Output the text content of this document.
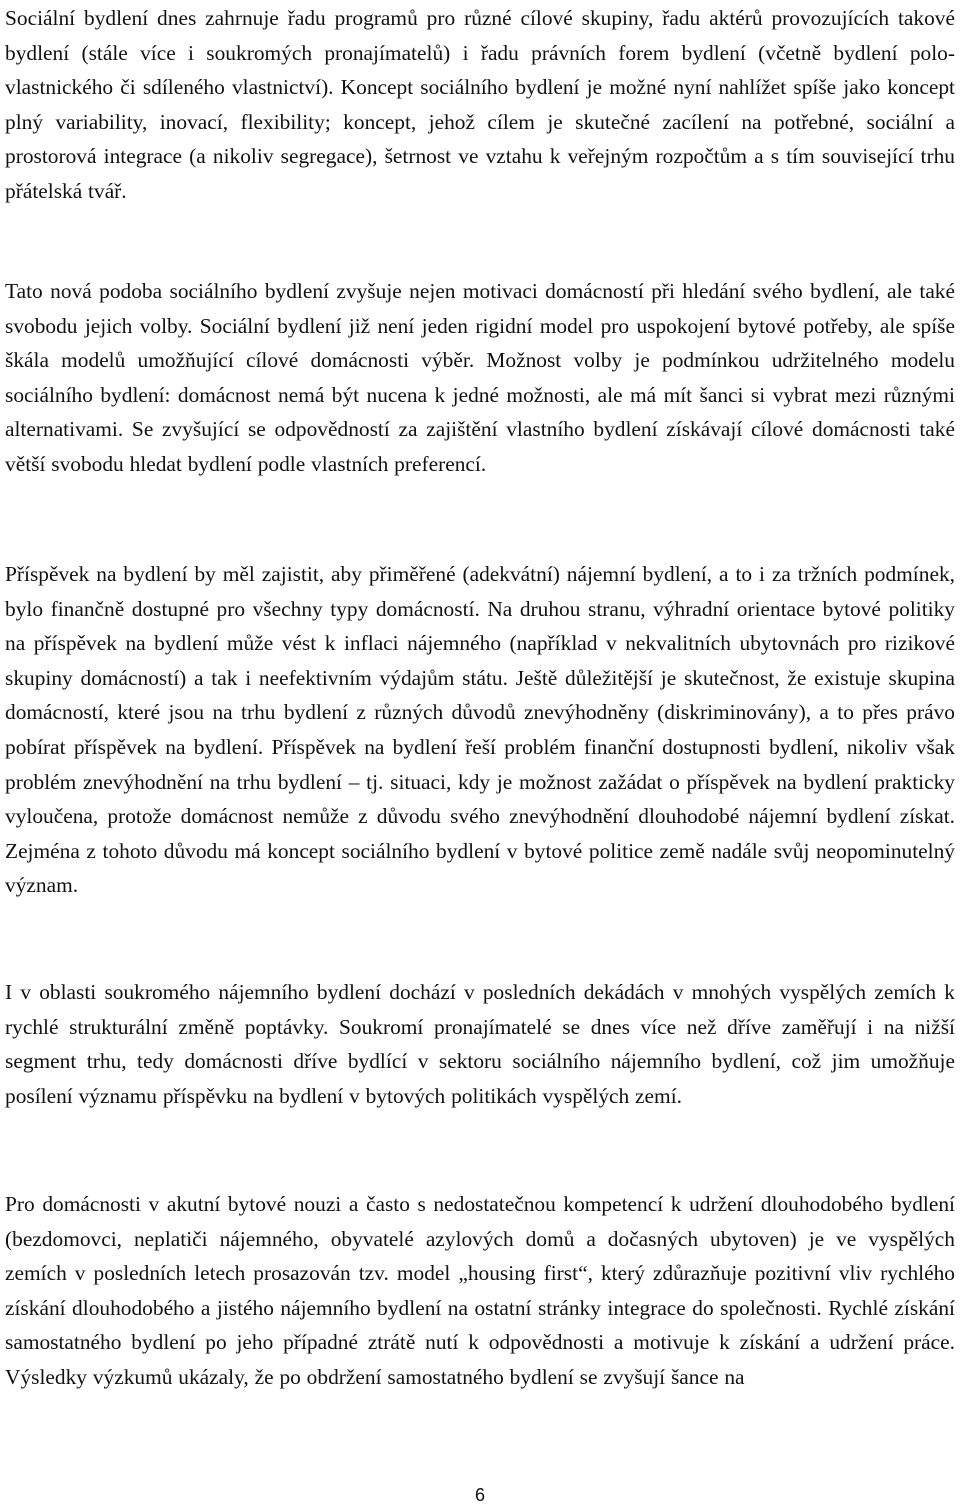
Sociální bydlení dnes zahrnuje řadu programů pro různé cílové skupiny, řadu aktérů provozujících takové bydlení (stále více i soukromých pronajímatelů) i řadu právních forem bydlení (včetně bydlení polo-vlastnického či sdíleného vlastnictví). Koncept sociálního bydlení je možné nyní nahlížet spíše jako koncept plný variability, inovací, flexibility; koncept, jehož cílem je skutečné zacílení na potřebné, sociální a prostorová integrace (a nikoliv segregace), šetrnost ve vztahu k veřejným rozpočtům a s tím související trhu přátelská tvář.

Tato nová podoba sociálního bydlení zvyšuje nejen motivaci domácností při hledání svého bydlení, ale také svobodu jejich volby. Sociální bydlení již není jeden rigidní model pro uspokojení bytové potřeby, ale spíše škála modelů umožňující cílové domácnosti výběr. Možnost volby je podmínkou udržitelného modelu sociálního bydlení: domácnost nemá být nucena k jedné možnosti, ale má mít šanci si vybrat mezi různými alternativami. Se zvyšující se odpovědností za zajištění vlastního bydlení získávají cílové domácnosti také větší svobodu hledat bydlení podle vlastních preferencí.

Příspěvek na bydlení by měl zajistit, aby přiměřené (adekvátní) nájemní bydlení, a to i za tržních podmínek, bylo finančně dostupné pro všechny typy domácností. Na druhou stranu, výhradní orientace bytové politiky na příspěvek na bydlení může vést k inflaci nájemného (například v nekvalitních ubytovnách pro rizikové skupiny domácností) a tak i neefektivním výdajům státu. Ještě důležitější je skutečnost, že existuje skupina domácností, které jsou na trhu bydlení z různých důvodů znevýhodněny (diskriminovány), a to přes právo pobírat příspěvek na bydlení. Příspěvek na bydlení řeší problém finanční dostupnosti bydlení, nikoliv však problém znevýhodnění na trhu bydlení – tj. situaci, kdy je možnost zažádat o příspěvek na bydlení prakticky vyloučena, protože domácnost nemůže z důvodu svého znevýhodnění dlouhodobé nájemní bydlení získat. Zejména z tohoto důvodu má koncept sociálního bydlení v bytové politice země nadále svůj neopominutelný význam.

I v oblasti soukromého nájemního bydlení dochází v posledních dekádách v mnohých vyspělých zemích k rychlé strukturální změně poptávky. Soukromí pronajímatelé se dnes více než dříve zaměřují i na nižší segment trhu, tedy domácnosti dříve bydlící v sektoru sociálního nájemního bydlení, což jim umožňuje posílení významu příspěvku na bydlení v bytových politikách vyspělých zemí.

Pro domácnosti v akutní bytové nouzi a často s nedostatečnou kompetencí k udržení dlouhodobého bydlení (bezdomovci, neplatiči nájemného, obyvatelé azylových domů a dočasných ubytoven) je ve vyspělých zemích v posledních letech prosazován tzv. model „housing first“, který zdůrazňuje pozitivní vliv rychlého získání dlouhodobého a jistého nájemního bydlení na ostatní stránky integrace do společnosti. Rychlé získání samostatného bydlení po jeho případné ztrátě nutí k odpovědnosti a motivuje k získání a udržení práce. Výsledky výzkumů ukázaly, že po obdržení samostatného bydlení se zvyšují šance na

6
